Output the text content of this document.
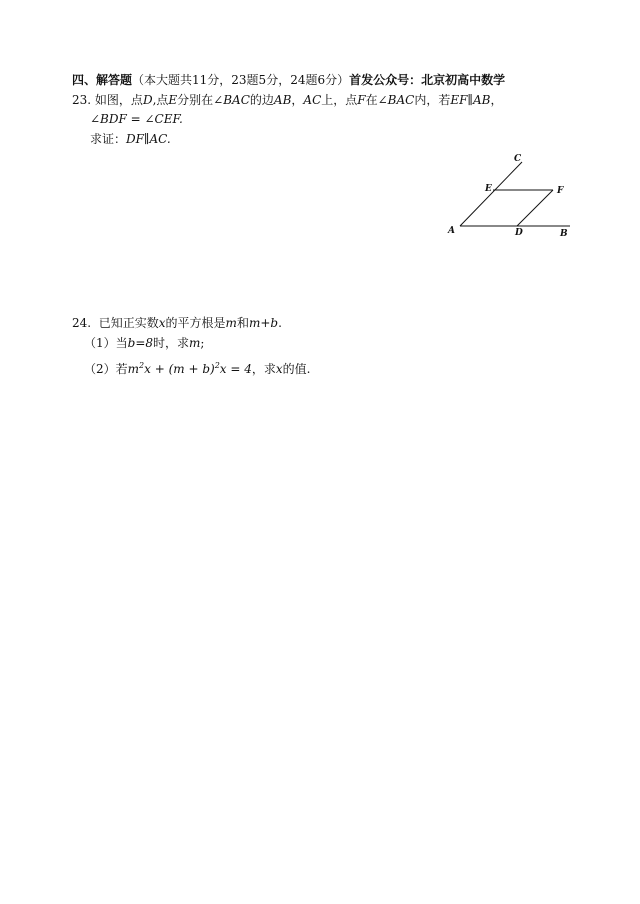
四、解答题（本大题共11分，23题5分，24题6分）首发公众号：北京初高中数学
23. 如图，点D,点E分别在∠BAC的边AB，AC上，点F在∠BAC内，若EF∥AB，
∠BDF = ∠CEF.
求证：DF∥AC.
A	B
C
D
E	F
24. 已知正实数x的平方根是m和m+b.
（1）当b=8时，求m;
（2）若$m^2x + (m + b)^2x = 4$，求x的值.
